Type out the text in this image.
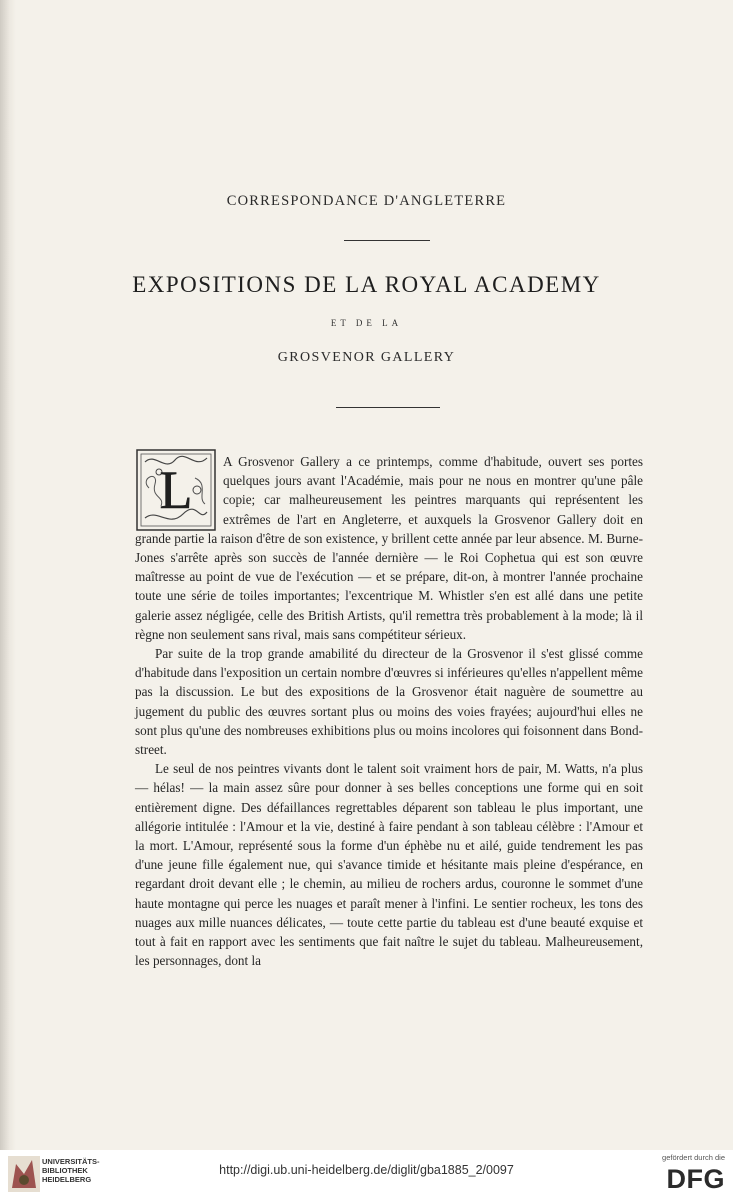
CORRESPONDANCE D'ANGLETERRE
EXPOSITIONS DE LA ROYAL ACADEMY
ET DE LA
GROSVENOR GALLERY
L	A Grosvenor Gallery a ce printemps, comme d'habitude, ouvert ses portes quelques jours avant l'Académie, mais pour ne nous en montrer qu'une pâle copie; car malheureusement les peintres marquants qui représentent les extrêmes de l'art en Angleterre, et auxquels la Grosvenor Gallery doit en grande partie la raison d'être de son existence, y brillent cette année par leur absence. M. Burne-Jones s'arrête après son succès de l'année dernière — le Roi Cophetua qui est son œuvre maîtresse au point de vue de l'exécution — et se prépare, dit-on, à montrer l'année prochaine toute une série de toiles importantes; l'excentrique M. Whistler s'en est allé dans une petite galerie assez négligée, celle des British Artists, qu'il remettra très probablement à la mode; là il règne non seulement sans rival, mais sans compétiteur sérieux.

Par suite de la trop grande amabilité du directeur de la Grosvenor il s'est glissé comme d'habitude dans l'exposition un certain nombre d'œuvres si inférieures qu'elles n'appellent même pas la discussion. Le but des expositions de la Grosvenor était naguère de soumettre au jugement du public des œuvres sortant plus ou moins des voies frayées; aujourd'hui elles ne sont plus qu'une des nombreuses exhibitions plus ou moins incolores qui foisonnent dans Bond-street.

Le seul de nos peintres vivants dont le talent soit vraiment hors de pair, M. Watts, n'a plus — hélas! — la main assez sûre pour donner à ses belles conceptions une forme qui en soit entièrement digne. Des défaillances regrettables déparent son tableau le plus important, une allégorie intitulée : l'Amour et la vie, destiné à faire pendant à son tableau célèbre : l'Amour et la mort. L'Amour, représenté sous la forme d'un éphèbe nu et ailé, guide tendrement les pas d'une jeune fille également nue, qui s'avance timide et hésitante mais pleine d'espérance, en regardant droit devant elle ; le chemin, au milieu de rochers ardus, couronne le sommet d'une haute montagne qui perce les nuages et paraît mener à l'infini. Le sentier rocheux, les tons des nuages aux mille nuances délicates, — toute cette partie du tableau est d'une beauté exquise et tout à fait en rapport avec les sentiments que fait naître le sujet du tableau. Malheureusement, les personnages, dont la

UNIVERSITÄTS-
BIBLIOTHEK
HEIDELBERG
http://digi.ub.uni-heidelberg.de/diglit/gba1885_2/0097
gefördert durch die
DFG
